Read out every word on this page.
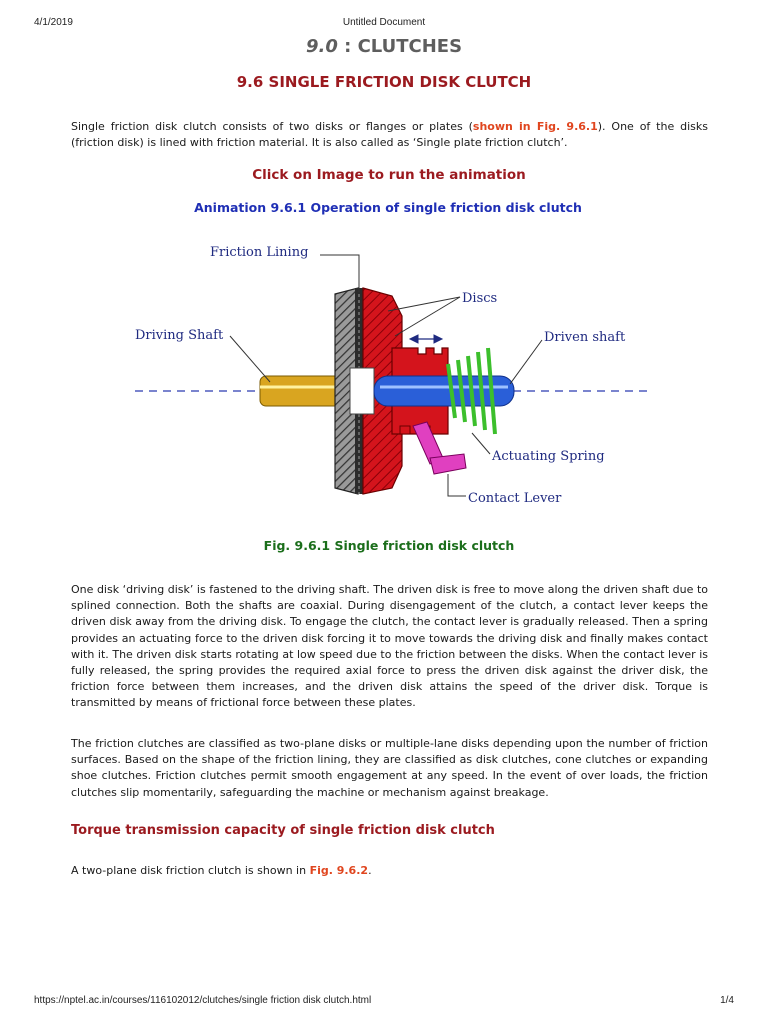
4/1/2019	Untitled Document
9.0 : CLUTCHES
9.6 SINGLE FRICTION DISK CLUTCH
Single friction disk clutch consists of two disks or flanges or plates (shown in Fig. 9.6.1). One of the disks (friction disk) is lined with friction material. It is also called as ‘Single plate friction clutch’.
Click on Image to run the animation
Animation 9.6.1 Operation of single friction disk clutch
Friction Lining
Discs
Driving Shaft	Driven shaft
Actuating Spring
Contact Lever
Fig. 9.6.1 Single friction disk clutch
One disk ‘driving disk’ is fastened to the driving shaft. The driven disk is free to move along the driven shaft due to splined connection. Both the shafts are coaxial. During disengagement of the clutch, a contact lever keeps the driven disk away from the driving disk. To engage the clutch, the contact lever is gradually released. Then a spring provides an actuating force to the driven disk forcing it to move towards the driving disk and finally makes contact with it. The driven disk starts rotating at low speed due to the friction between the disks. When the contact lever is fully released, the spring provides the required axial force to press the driven disk against the driver disk, the friction force between them increases, and the driven disk attains the speed of the driver disk. Torque is transmitted by means of frictional force between these plates.
The friction clutches are classified as two-plane disks or multiple-lane disks depending upon the number of friction surfaces. Based on the shape of the friction lining, they are classified as disk clutches, cone clutches or expanding shoe clutches. Friction clutches permit smooth engagement at any speed. In the event of over loads, the friction clutches slip momentarily, safeguarding the machine or mechanism against breakage.
Torque transmission capacity of single friction disk clutch
A two-plane disk friction clutch is shown in Fig. 9.6.2.
https://nptel.ac.in/courses/116102012/clutches/single friction disk clutch.html	1/4
